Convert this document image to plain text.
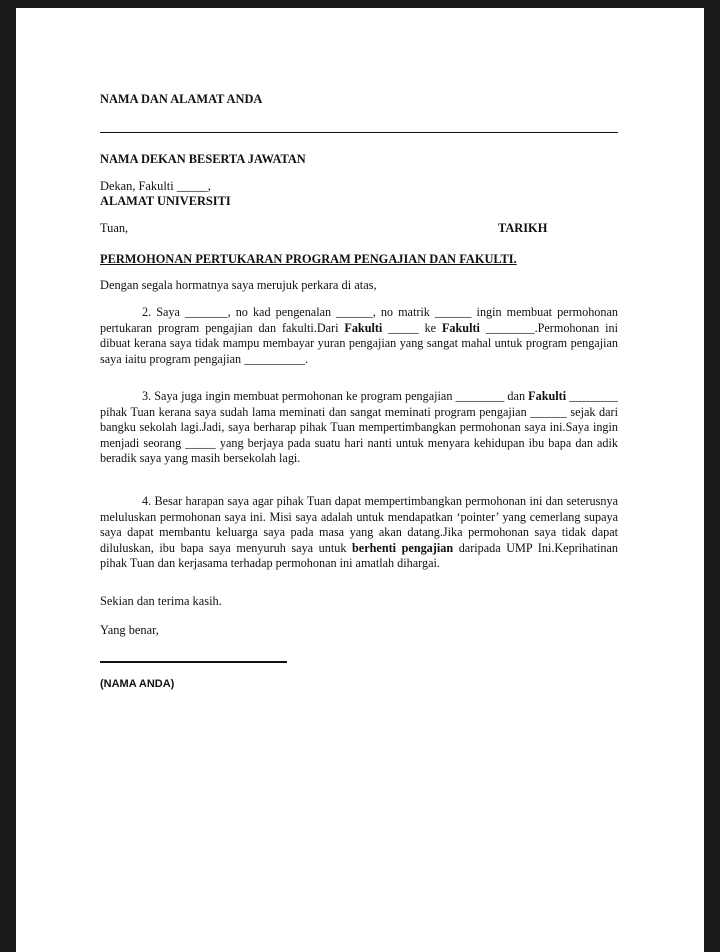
NAMA DAN ALAMAT ANDA
NAMA DEKAN BESERTA JAWATAN
Dekan, Fakulti _____,
ALAMAT UNIVERSITI
Tuan,	TARIKH
PERMOHONAN PERTUKARAN PROGRAM PENGAJIAN DAN FAKULTI.
Dengan segala hormatnya saya merujuk perkara di atas,
2. Saya _______, no kad pengenalan ______, no matrik ______ ingin membuat permohonan pertukaran program pengajian dan fakulti.Dari Fakulti _____ ke Fakulti ________.Permohonan ini dibuat kerana saya tidak mampu membayar yuran pengajian yang sangat mahal untuk program pengajian saya iaitu program pengajian __________.
3. Saya juga ingin membuat permohonan ke program pengajian ________ dan Fakulti ________ pihak Tuan kerana saya sudah lama meminati dan sangat meminati program pengajian ______ sejak dari bangku sekolah lagi.Jadi, saya berharap pihak Tuan mempertimbangkan permohonan saya ini.Saya ingin menjadi seorang _____ yang berjaya pada suatu hari nanti untuk menyara kehidupan ibu bapa dan adik beradik saya yang masih bersekolah lagi.
4. Besar harapan saya agar pihak Tuan dapat mempertimbangkan permohonan ini dan seterusnya meluluskan permohonan saya ini. Misi saya adalah untuk mendapatkan ‘pointer’ yang cemerlang supaya saya dapat membantu keluarga saya pada masa yang akan datang.Jika permohonan saya tidak dapat diluluskan, ibu bapa saya menyuruh saya untuk berhenti pengajian daripada UMP Ini.Keprihatinan pihak Tuan dan kerjasama terhadap permohonan ini amatlah dihargai.
Sekian dan terima kasih.
Yang benar,
(NAMA ANDA)
